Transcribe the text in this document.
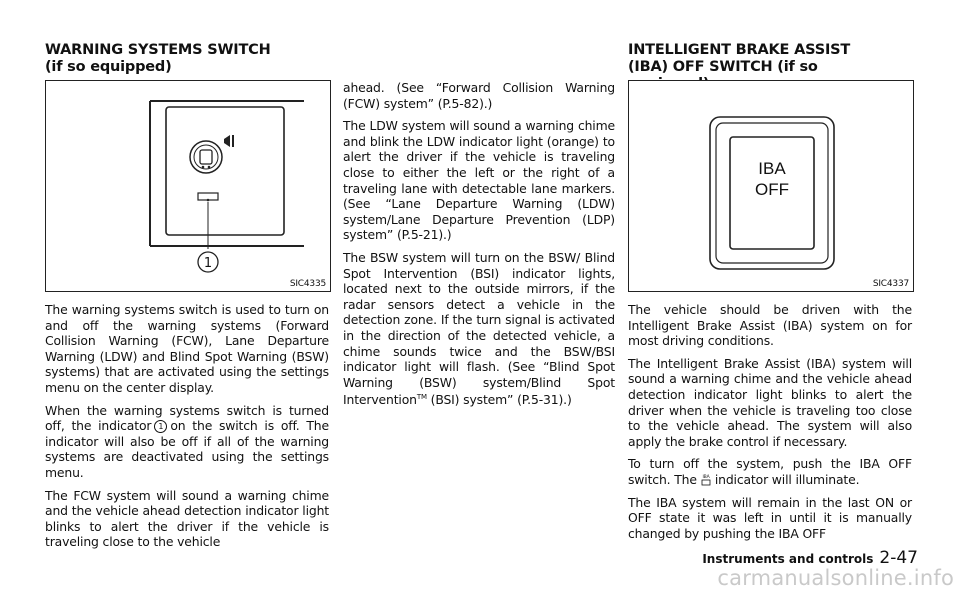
WARNING SYSTEMS SWITCH (if so equipped)
INTELLIGENT BRAKE ASSIST (IBA) OFF SWITCH (if so
1
SIC4335
IBA
OFF
SIC4337

The warning systems switch is used to turn on and off the warning systems (Forward Collision Warning (FCW), Lane Departure Warning (LDW) and Blind Spot Warning (BSW) systems) that are activated using the settings menu on the center display.

When the warning systems switch is turned off, the indicator 1 on the switch is off. The indicator will also be off if all of the warning systems are deactivated using the settings menu.

The FCW system will sound a warning chime and the vehicle ahead detection indicator light blinks to alert the driver if the vehicle is traveling close to the vehicle

ahead. (See “Forward Collision Warning (FCW) system” (P.5-82).)

The LDW system will sound a warning chime and blink the LDW indicator light (orange) to alert the driver if the vehicle is traveling close to either the left or the right of a traveling lane with detectable lane markers. (See “Lane Departure Warning (LDW) system/Lane Departure Prevention (LDP) system” (P.5-21).)

The BSW system will turn on the BSW/ Blind Spot Intervention (BSI) indicator lights, located next to the outside mirrors, if the radar sensors detect a vehicle in the detection zone. If the turn signal is activated in the direction of the detected vehicle, a chime sounds twice and the BSW/BSI indicator light will flash. (See “Blind Spot Warning (BSW) system/Blind Spot Intervention™ (BSI) system” (P.5-31).)

The vehicle should be driven with the Intelligent Brake Assist (IBA) system on for most driving conditions.

The Intelligent Brake Assist (IBA) system will sound a warning chime and the vehicle ahead detection indicator light blinks to alert the driver when the vehicle is traveling too close to the vehicle ahead. The system will also apply the brake control if necessary.

To turn off the system, push the IBA OFF switch. The IBA indicator will illuminate.

The IBA system will remain in the last ON or OFF state it was left in until it is manually changed by pushing the IBA OFF

Instruments and controls 2-47
carmanualsonline.info
